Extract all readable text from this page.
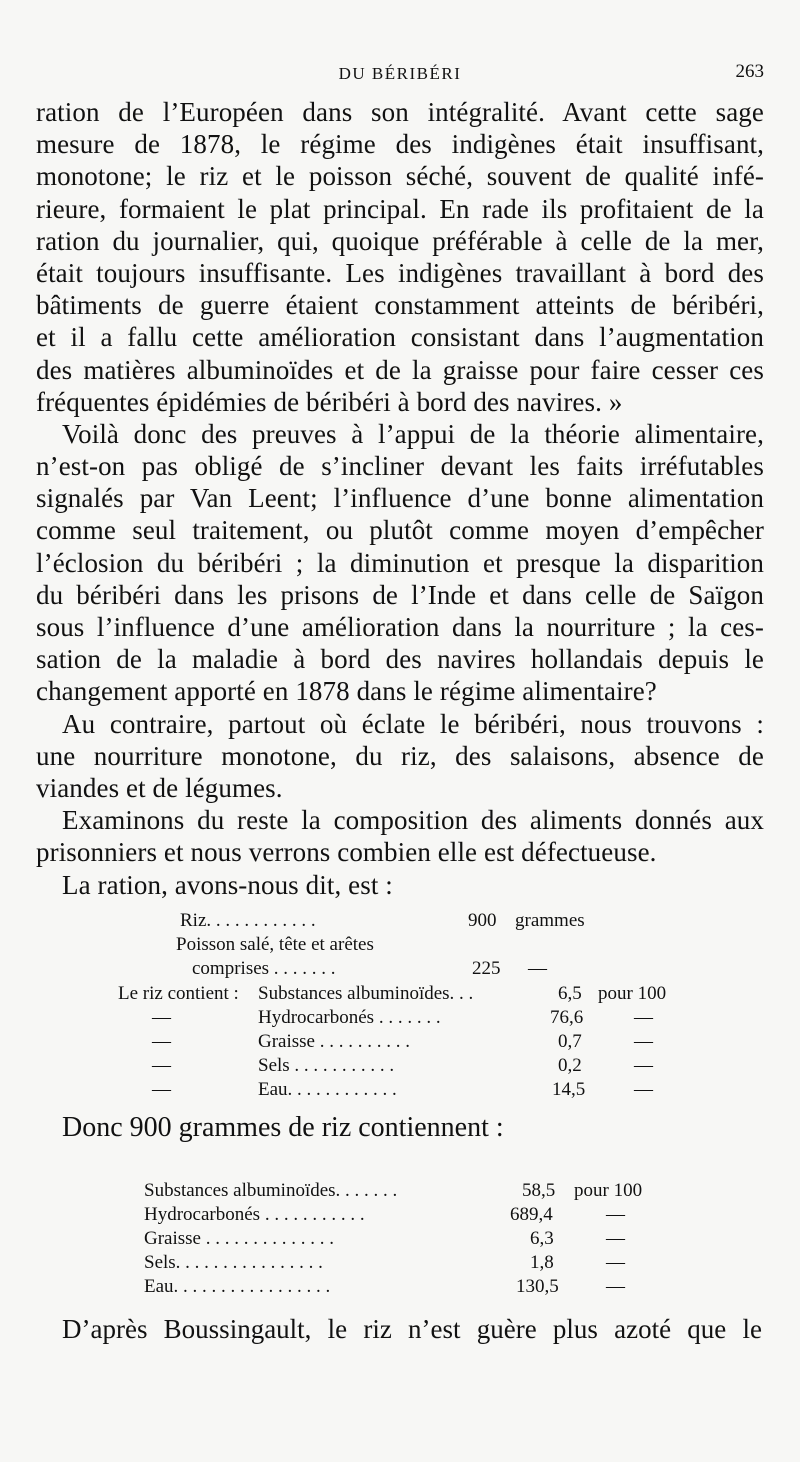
DU BÉRIBÉRI	263
ration de l’Européen dans son intégralité. Avant cette sage
mesure de 1878, le régime des indigènes était insuffisant,
monotone; le riz et le poisson séché, souvent de qualité infé-
rieure, formaient le plat principal. En rade ils profitaient de la
ration du journalier, qui, quoique préférable à celle de la mer,
était toujours insuffisante. Les indigènes travaillant à bord des
bâtiments de guerre étaient constamment atteints de béribéri,
et il a fallu cette amélioration consistant dans l’augmentation
des matières albuminoïdes et de la graisse pour faire cesser ces
fréquentes épidémies de béribéri à bord des navires. »
Voilà donc des preuves à l’appui de la théorie alimentaire,
n’est-on pas obligé de s’incliner devant les faits irréfutables
signalés par Van Leent; l’influence d’une bonne alimentation
comme seul traitement, ou plutôt comme moyen d’empêcher
l’éclosion du béribéri ; la diminution et presque la disparition
du béribéri dans les prisons de l’Inde et dans celle de Saïgon
sous l’influence d’une amélioration dans la nourriture ; la ces-
sation de la maladie à bord des navires hollandais depuis le
changement apporté en 1878 dans le régime alimentaire?
Au contraire, partout où éclate le béribéri, nous trouvons :
une nourriture monotone, du riz, des salaisons, absence de
viandes et de légumes.
Examinons du reste la composition des aliments donnés aux
prisonniers et nous verrons combien elle est défectueuse.
La ration, avons-nous dit, est :
Riz. . . . . . . . . . . .	900 grammes
Poisson salé, tête et arêtes
comprises . . . . . . .	225 —
Le riz contient : Substances albuminoïdes. . .	6,5 pour 100
—	Hydrocarbonés . . . . . . .	76,6	—
—	Graisse . . . . . . . . . .	0,7	—
—	Sels . . . . . . . . . . .	0,2	—
—	Eau. . . . . . . . . . . .	14,5	—
Donc 900 grammes de riz contiennent :
Substances albuminoïdes. . . . . . .	58,5 pour 100
Hydrocarbonés . . . . . . . . . . .	689,4	—
Graisse . . . . . . . . . . . . . .	6,3	—
Sels. . . . . . . . . . . . . . . .	1,8	—
Eau. . . . . . . . . . . . . . . . .	130,5 —
D’après Boussingault, le riz n’est guère plus azoté que le
